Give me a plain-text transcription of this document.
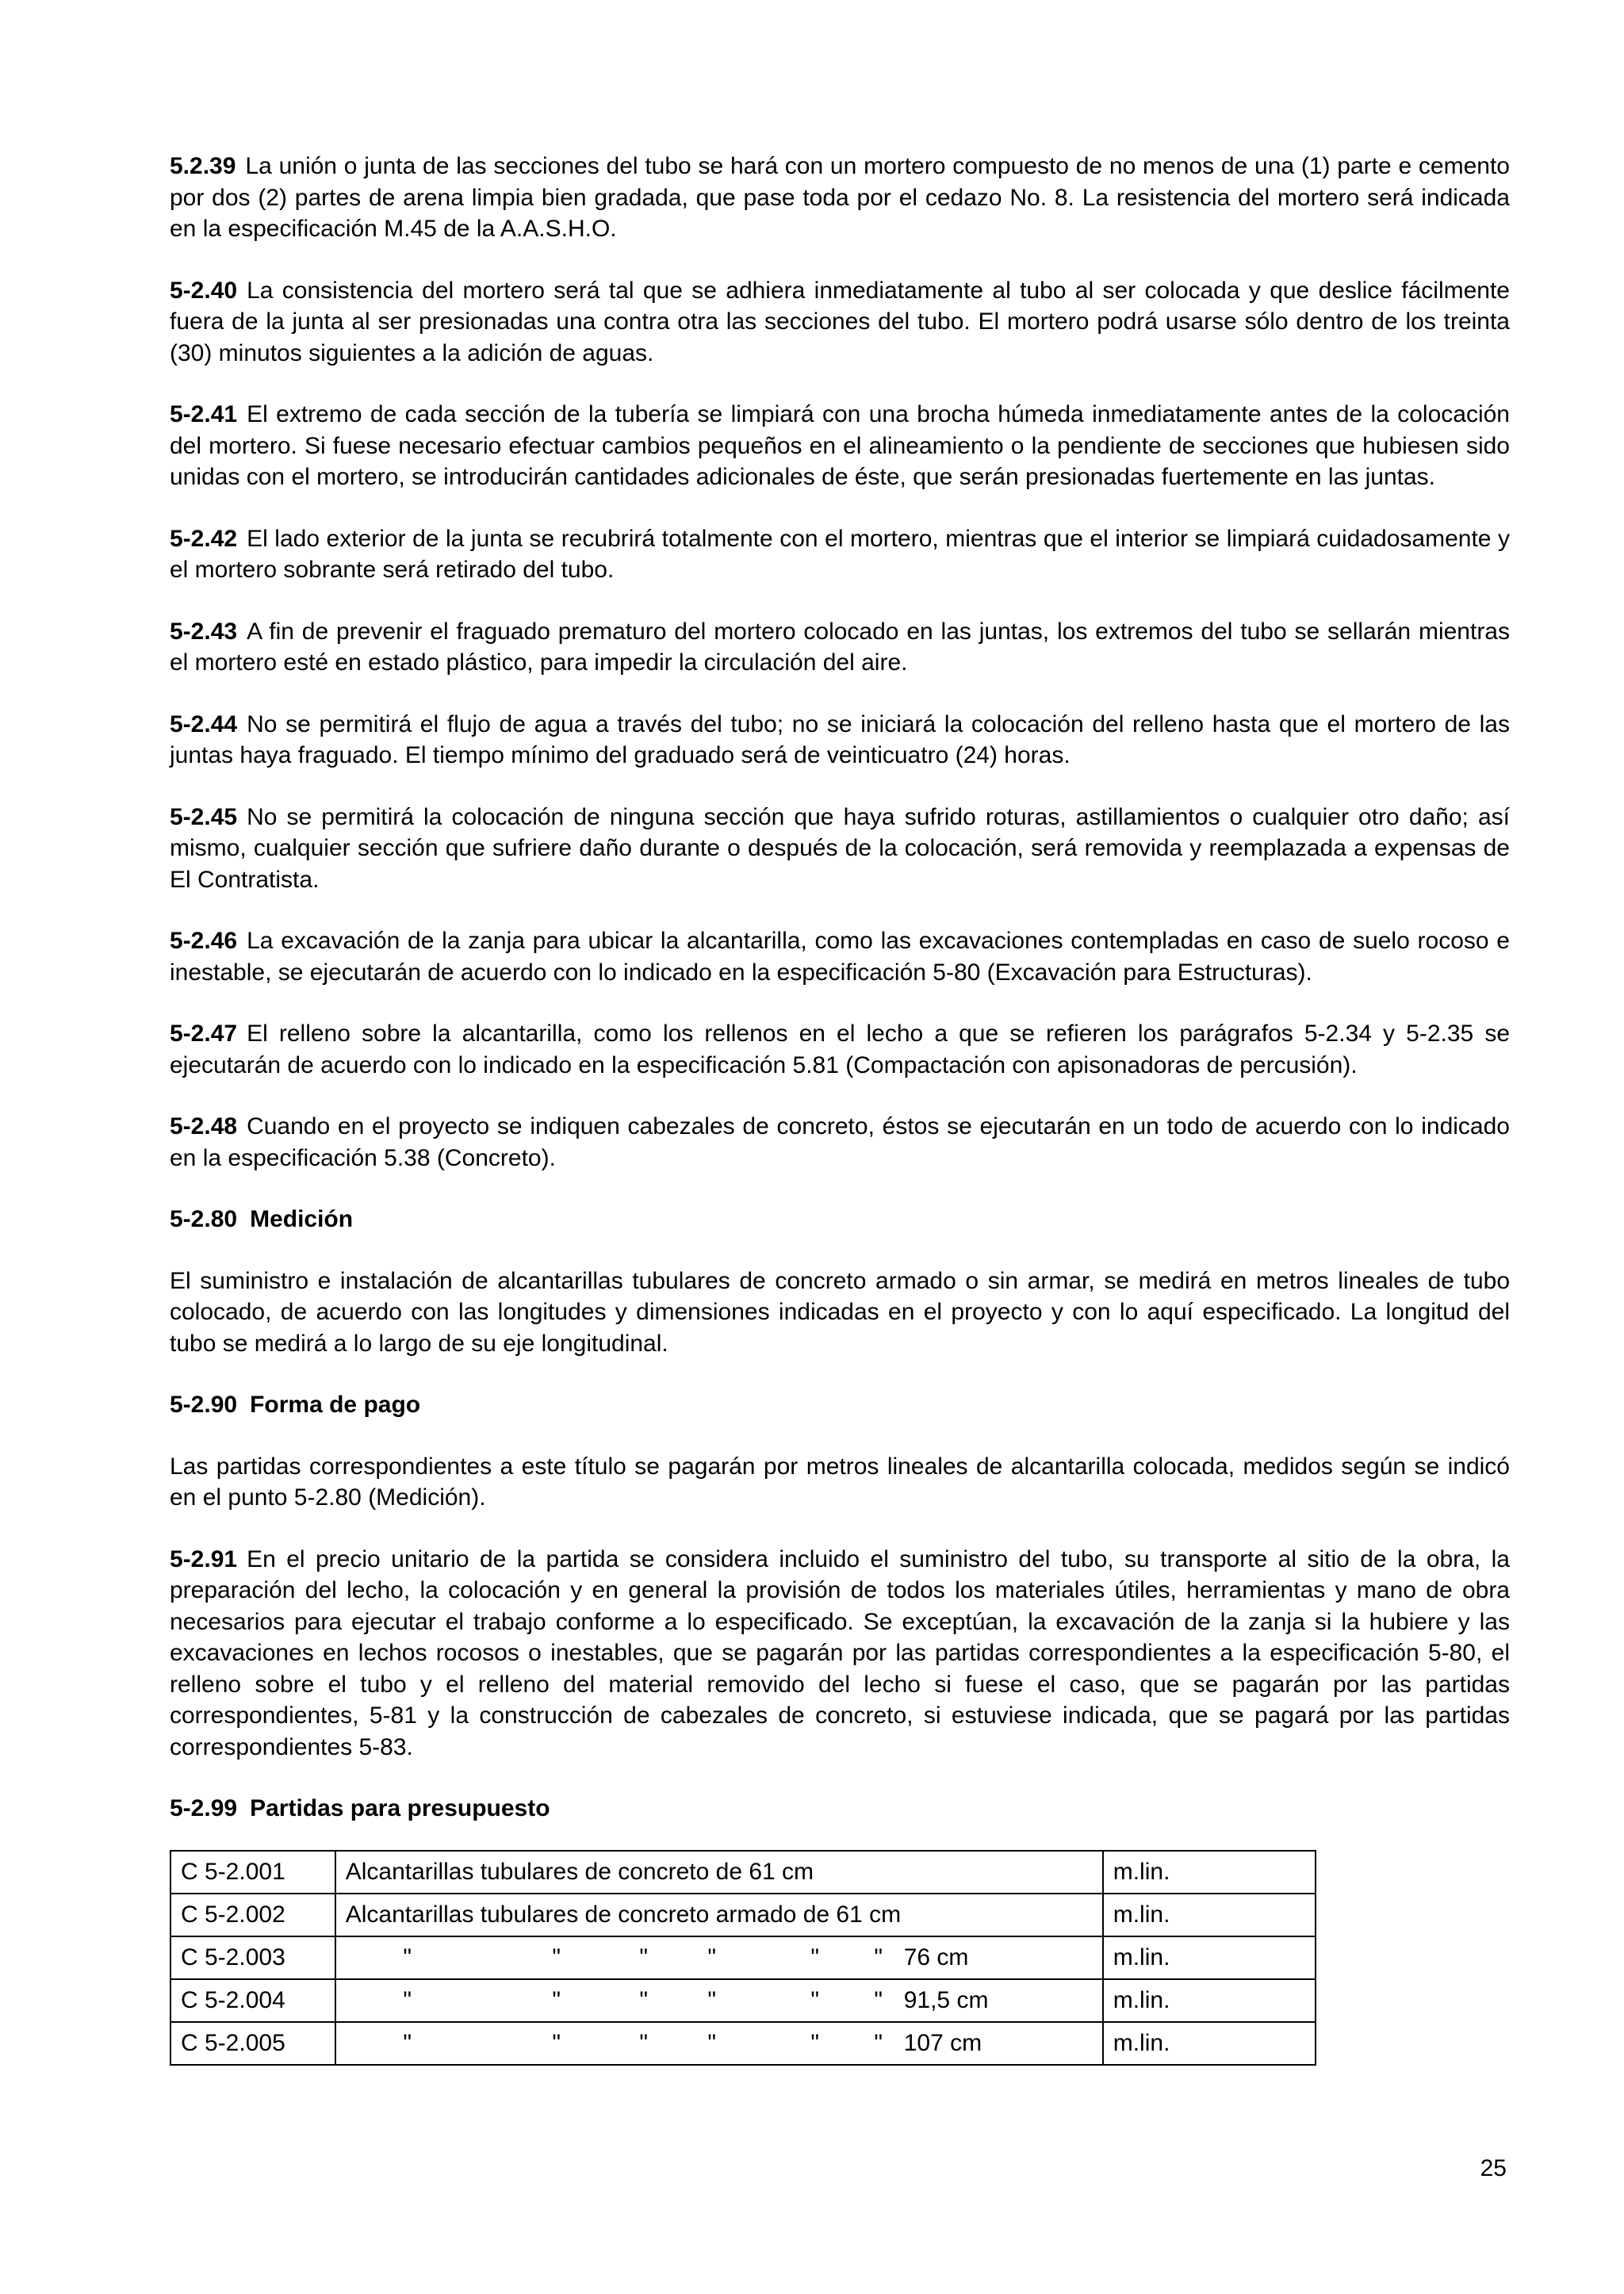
5.2.39 La unión o junta de las secciones del tubo se hará con un mortero compuesto de no menos de una (1) parte e cemento por dos (2) partes de arena limpia bien gradada, que pase toda por el cedazo No. 8. La resistencia del mortero será indicada en la especificación M.45 de la A.A.S.H.O.

5-2.40 La consistencia del mortero será tal que se adhiera inmediatamente al tubo al ser colocada y que deslice fácilmente fuera de la junta al ser presionadas una contra otra las secciones del tubo. El mortero podrá usarse sólo dentro de los treinta (30) minutos siguientes a la adición de aguas.

5-2.41 El extremo de cada sección de la tubería se limpiará con una brocha húmeda inmediatamente antes de la colocación del mortero. Si fuese necesario efectuar cambios pequeños en el alineamiento o la pendiente de secciones que hubiesen sido unidas con el mortero, se introducirán cantidades adicionales de éste, que serán presionadas fuertemente en las juntas.

5-2.42 El lado exterior de la junta se recubrirá totalmente con el mortero, mientras que el interior se limpiará cuidadosamente y el mortero sobrante será retirado del tubo.

5-2.43 A fin de prevenir el fraguado prematuro del mortero colocado en las juntas, los extremos del tubo se sellarán mientras el mortero esté en estado plástico, para impedir la circulación del aire.

5-2.44 No se permitirá el flujo de agua a través del tubo; no se iniciará la colocación del relleno hasta que el mortero de las juntas haya fraguado. El tiempo mínimo del graduado será de veinticuatro (24) horas.

5-2.45 No se permitirá la colocación de ninguna sección que haya sufrido roturas, astillamientos o cualquier otro daño; así mismo, cualquier sección que sufriere daño durante o después de la colocación, será removida y reemplazada a expensas de El Contratista.

5-2.46 La excavación de la zanja para ubicar la alcantarilla, como las excavaciones contempladas en caso de suelo rocoso e inestable, se ejecutarán de acuerdo con lo indicado en la especificación 5-80 (Excavación para Estructuras).

5-2.47 El relleno sobre la alcantarilla, como los rellenos en el lecho a que se refieren los parágrafos 5-2.34 y 5-2.35 se ejecutarán de acuerdo con lo indicado en la especificación 5.81 (Compactación con apisonadoras de percusión).

5-2.48 Cuando en el proyecto se indiquen cabezales de concreto, éstos se ejecutarán en un todo de acuerdo con lo indicado en la especificación 5.38 (Concreto).

5-2.80 Medición

El suministro e instalación de alcantarillas tubulares de concreto armado o sin armar, se medirá en metros lineales de tubo colocado, de acuerdo con las longitudes y dimensiones indicadas en el proyecto y con lo aquí especificado. La longitud del tubo se medirá a lo largo de su eje longitudinal.

5-2.90 Forma de pago

Las partidas correspondientes a este título se pagarán por metros lineales de alcantarilla colocada, medidos según se indicó en el punto 5-2.80 (Medición).

5-2.91 En el precio unitario de la partida se considera incluido el suministro del tubo, su transporte al sitio de la obra, la preparación del lecho, la colocación y en general la provisión de todos los materiales útiles, herramientas y mano de obra necesarios para ejecutar el trabajo conforme a lo especificado. Se exceptúan, la excavación de la zanja si la hubiere y las excavaciones en lechos rocosos o inestables, que se pagarán por las partidas correspondientes a la especificación 5-80, el relleno sobre el tubo y el relleno del material removido del lecho si fuese el caso, que se pagarán por las partidas correspondientes, 5-81 y la construcción de cabezales de concreto, si estuviese indicada, que se pagará por las partidas correspondientes 5-83.

5-2.99 Partidas para presupuesto

C 5-2.001	Alcantarillas tubulares de concreto de 61 cm	m.lin.
C 5-2.002	Alcantarillas tubulares de concreto armado de 61 cm	m.lin.
C 5-2.003	" " " " " " 76 cm	m.lin.
C 5-2.004	" " " " " " 91,5 cm	m.lin.
C 5-2.005	" " " " " " 107 cm	m.lin.
25
